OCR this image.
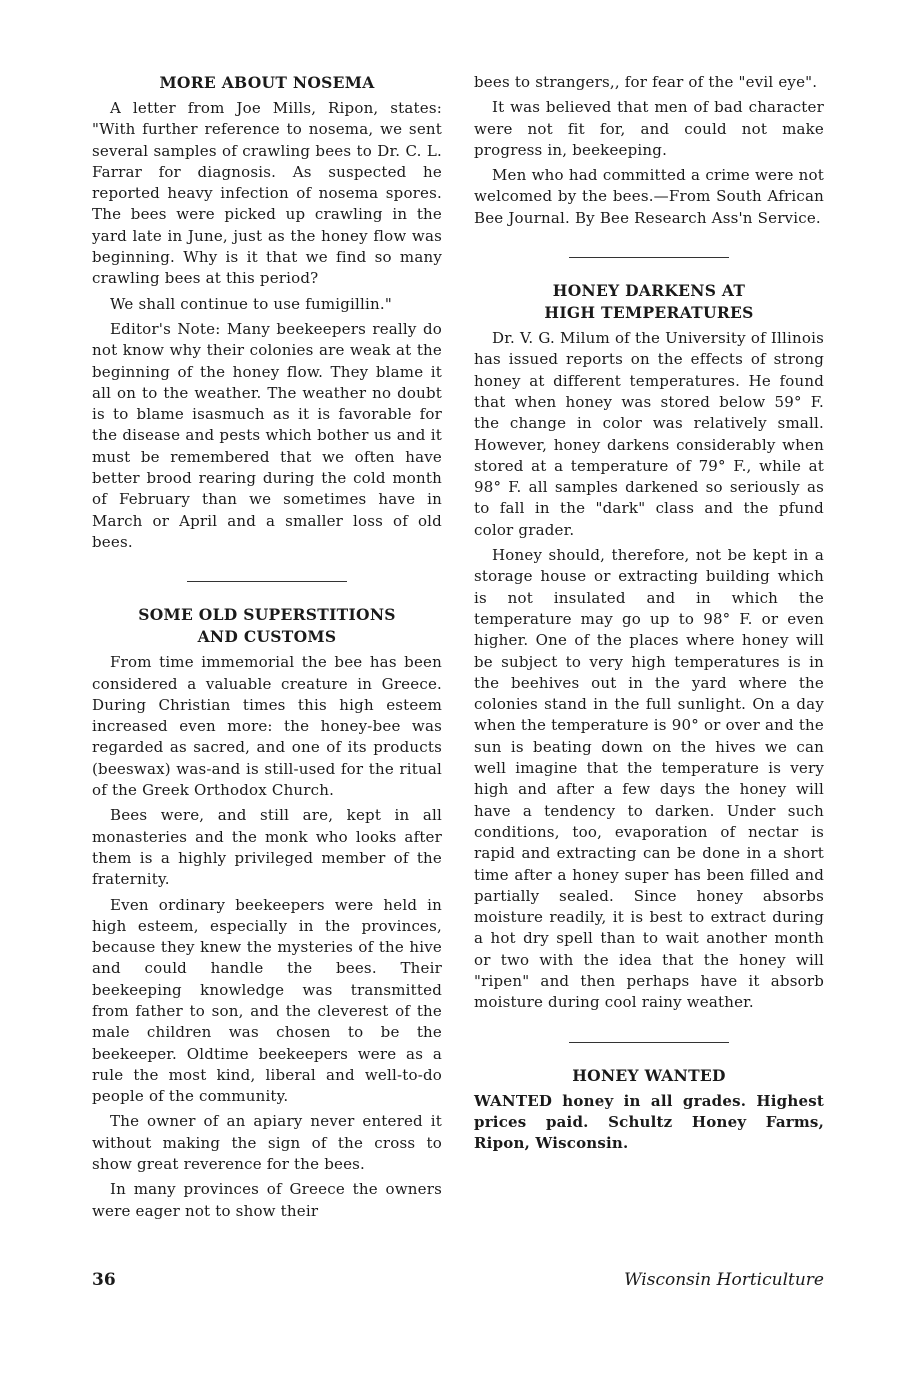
MORE ABOUT NOSEMA

A letter from Joe Mills, Ripon, states: "With further reference to nosema, we sent several samples of crawling bees to Dr. C. L. Farrar for diagnosis. As suspected he reported heavy infection of nosema spores. The bees were picked up crawling in the yard late in June, just as the honey flow was beginning. Why is it that we find so many crawling bees at this period?

We shall continue to use fumigillin."

Editor's Note: Many beekeepers really do not know why their colonies are weak at the beginning of the honey flow. They blame it all on to the weather. The weather no doubt is to blame isasmuch as it is favorable for the disease and pests which bother us and it must be remembered that we often have better brood rearing during the cold month of February than we sometimes have in March or April and a smaller loss of old bees.

SOME OLD SUPERSTITIONS
AND CUSTOMS

From time immemorial the bee has been considered a valuable creature in Greece. During Christian times this high esteem increased even more: the honey-bee was regarded as sacred, and one of its products (beeswax) was-and is still-used for the ritual of the Greek Orthodox Church.

Bees were, and still are, kept in all monasteries and the monk who looks after them is a highly privileged member of the fraternity.

Even ordinary beekeepers were held in high esteem, especially in the provinces, because they knew the mysteries of the hive and could handle the bees. Their beekeeping knowledge was transmitted from father to son, and the cleverest of the male children was chosen to be the beekeeper. Oldtime beekeepers were as a rule the most kind, liberal and well-to-do people of the community.

The owner of an apiary never entered it without making the sign of the cross to show great reverence for the bees.

In many provinces of Greece the owners were eager not to show their

bees to strangers,, for fear of the "evil eye".

It was believed that men of bad character were not fit for, and could not make progress in, beekeeping.

Men who had committed a crime were not welcomed by the bees.—From South African Bee Journal. By Bee Research Ass'n Service.

HONEY DARKENS AT
HIGH TEMPERATURES

Dr. V. G. Milum of the University of Illinois has issued reports on the effects of strong honey at different temperatures. He found that when honey was stored below 59° F. the change in color was relatively small. However, honey darkens considerably when stored at a temperature of 79° F., while at 98° F. all samples darkened so seriously as to fall in the "dark" class and the pfund color grader.

Honey should, therefore, not be kept in a storage house or extracting building which is not insulated and in which the temperature may go up to 98° F. or even higher. One of the places where honey will be subject to very high temperatures is in the beehives out in the yard where the colonies stand in the full sunlight. On a day when the temperature is 90° or over and the sun is beating down on the hives we can well imagine that the temperature is very high and after a few days the honey will have a tendency to darken. Under such conditions, too, evaporation of nectar is rapid and extracting can be done in a short time after a honey super has been filled and partially sealed. Since honey absorbs moisture readily, it is best to extract during a hot dry spell than to wait another month or two with the idea that the honey will "ripen" and then perhaps have it absorb moisture during cool rainy weather.

HONEY WANTED

WANTED honey in all grades. Highest prices paid. Schultz Honey Farms, Ripon, Wisconsin.

36	Wisconsin Horticulture
